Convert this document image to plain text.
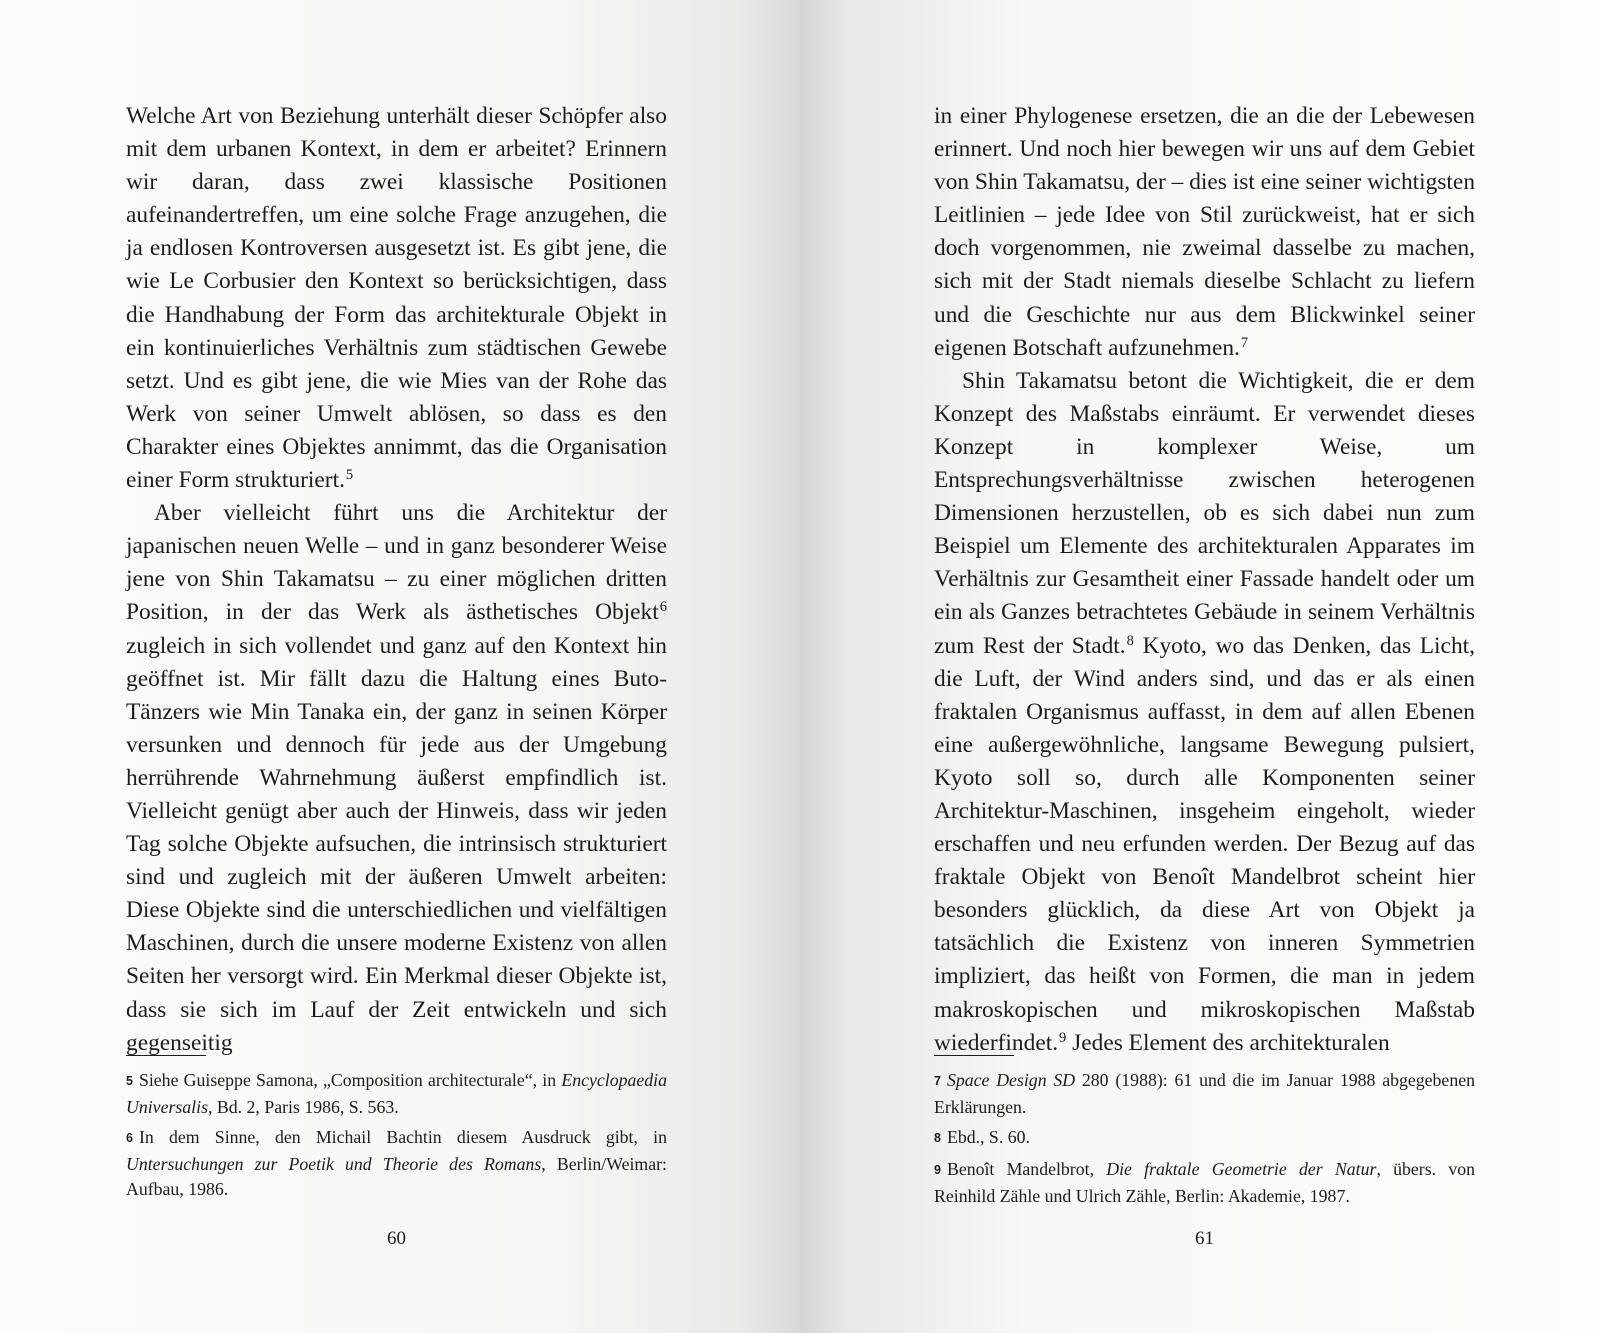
Welche Art von Beziehung unterhält dieser Schöpfer also mit dem urbanen Kontext, in dem er arbeitet? Erinnern wir daran, dass zwei klassische Positionen aufeinandertreffen, um eine solche Frage anzugehen, die ja endlosen Kontroversen ausgesetzt ist. Es gibt jene, die wie Le Corbusier den Kontext so berücksichtigen, dass die Handhabung der Form das architekturale Objekt in ein kontinuierliches Verhältnis zum städtischen Gewebe setzt. Und es gibt jene, die wie Mies van der Rohe das Werk von seiner Umwelt ablösen, so dass es den Charakter eines Objektes annimmt, das die Organisation einer Form strukturiert.$^5$

Aber vielleicht führt uns die Architektur der japanischen neuen Welle – und in ganz besonderer Weise jene von Shin Takamatsu – zu einer möglichen dritten Position, in der das Werk als ästhetisches Objekt$^6$ zugleich in sich vollendet und ganz auf den Kontext hin geöffnet ist. Mir fällt dazu die Haltung eines Buto-Tänzers wie Min Tanaka ein, der ganz in seinen Körper versunken und dennoch für jede aus der Umgebung herrührende Wahrnehmung äußerst empfindlich ist. Vielleicht genügt aber auch der Hinweis, dass wir jeden Tag solche Objekte aufsuchen, die intrinsisch strukturiert sind und zugleich mit der äußeren Umwelt arbeiten: Diese Objekte sind die unterschiedlichen und vielfältigen Maschinen, durch die unsere moderne Existenz von allen Seiten her versorgt wird. Ein Merkmal dieser Objekte ist, dass sie sich im Lauf der Zeit entwickeln und sich gegenseitig

5 Siehe Guiseppe Samona, „Composition architecturale“, in Encyclopaedia Universalis, Bd. 2, Paris 1986, S. 563.

6 In dem Sinne, den Michail Bachtin diesem Ausdruck gibt, in Untersuchungen zur Poetik und Theorie des Romans, Berlin/Weimar: Aufbau, 1986.

60

in einer Phylogenese ersetzen, die an die der Lebewesen erinnert. Und noch hier bewegen wir uns auf dem Gebiet von Shin Takamatsu, der – dies ist eine seiner wichtigsten Leitlinien – jede Idee von Stil zurückweist, hat er sich doch vorgenommen, nie zweimal dasselbe zu machen, sich mit der Stadt niemals dieselbe Schlacht zu liefern und die Geschichte nur aus dem Blickwinkel seiner eigenen Botschaft aufzunehmen.$^7$

Shin Takamatsu betont die Wichtigkeit, die er dem Konzept des Maßstabs einräumt. Er verwendet dieses Konzept in komplexer Weise, um Entsprechungsverhältnisse zwischen heterogenen Dimensionen herzustellen, ob es sich dabei nun zum Beispiel um Elemente des architekturalen Apparates im Verhältnis zur Gesamtheit einer Fassade handelt oder um ein als Ganzes betrachtetes Gebäude in seinem Verhältnis zum Rest der Stadt.$^8$ Kyoto, wo das Denken, das Licht, die Luft, der Wind anders sind, und das er als einen fraktalen Organismus auffasst, in dem auf allen Ebenen eine außergewöhnliche, langsame Bewegung pulsiert, Kyoto soll so, durch alle Komponenten seiner Architektur-Maschinen, insgeheim eingeholt, wieder erschaffen und neu erfunden werden. Der Bezug auf das fraktale Objekt von Benoît Mandelbrot scheint hier besonders glücklich, da diese Art von Objekt ja tatsächlich die Existenz von inneren Symmetrien impliziert, das heißt von Formen, die man in jedem makroskopischen und mikroskopischen Maßstab wiederfindet.$^9$ Jedes Element des architekturalen

7 Space Design SD 280 (1988): 61 und die im Januar 1988 abgegebenen Erklärungen.

8 Ebd., S. 60.

9 Benoît Mandelbrot, Die fraktale Geometrie der Natur, übers. von Reinhild Zähle und Ulrich Zähle, Berlin: Akademie, 1987.

61
